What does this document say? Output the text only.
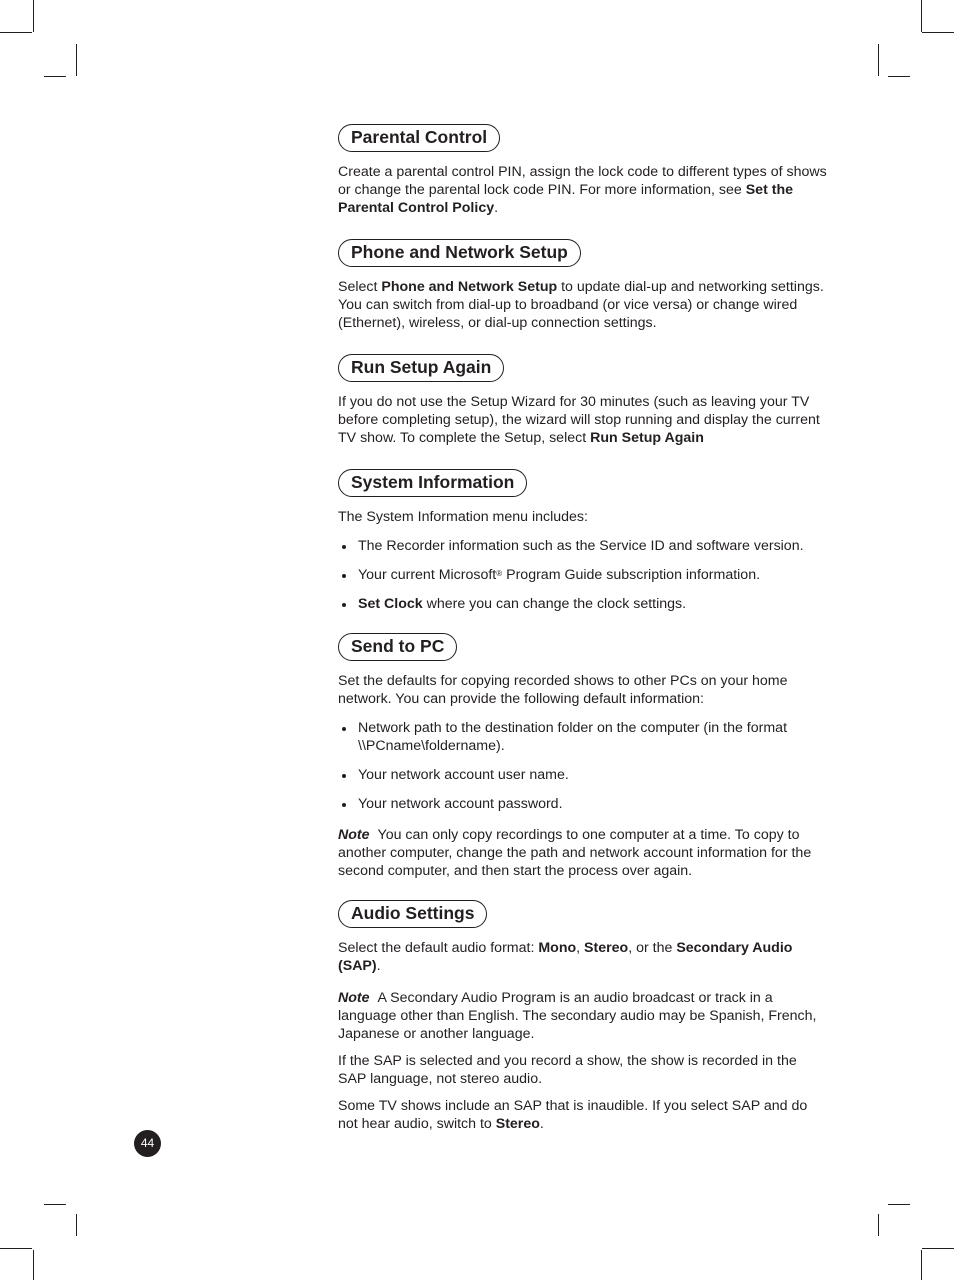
Parental Control

Create a parental control PIN, assign the lock code to different types of shows or change the parental lock code PIN. For more information, see Set the Parental Control Policy.

Phone and Network Setup

Select Phone and Network Setup to update dial-up and networking settings. You can switch from dial-up to broadband (or vice versa) or change wired (Ethernet), wireless, or dial-up connection settings.

Run Setup Again

If you do not use the Setup Wizard for 30 minutes (such as leaving your TV before completing setup), the wizard will stop running and display the current TV show. To complete the Setup, select Run Setup Again

System Information

The System Information menu includes:

The Recorder information such as the Service ID and software version.
Your current Microsoft® Program Guide subscription information.
Set Clock where you can change the clock settings.
Send to PC

Set the defaults for copying recorded shows to other PCs on your home network. You can provide the following default information:

Network path to the destination folder on the computer (in the format \\PCname\foldername).
Your network account user name.
Your network account password.

Note You can only copy recordings to one computer at a time. To copy to another computer, change the path and network account information for the second computer, and then start the process over again.

Audio Settings

Select the default audio format: Mono, Stereo, or the Secondary Audio (SAP).

Note A Secondary Audio Program is an audio broadcast or track in a language other than English. The secondary audio may be Spanish, French, Japanese or another language.

If the SAP is selected and you record a show, the show is recorded in the SAP language, not stereo audio.

Some TV shows include an SAP that is inaudible. If you select SAP and do not hear audio, switch to Stereo.

44
